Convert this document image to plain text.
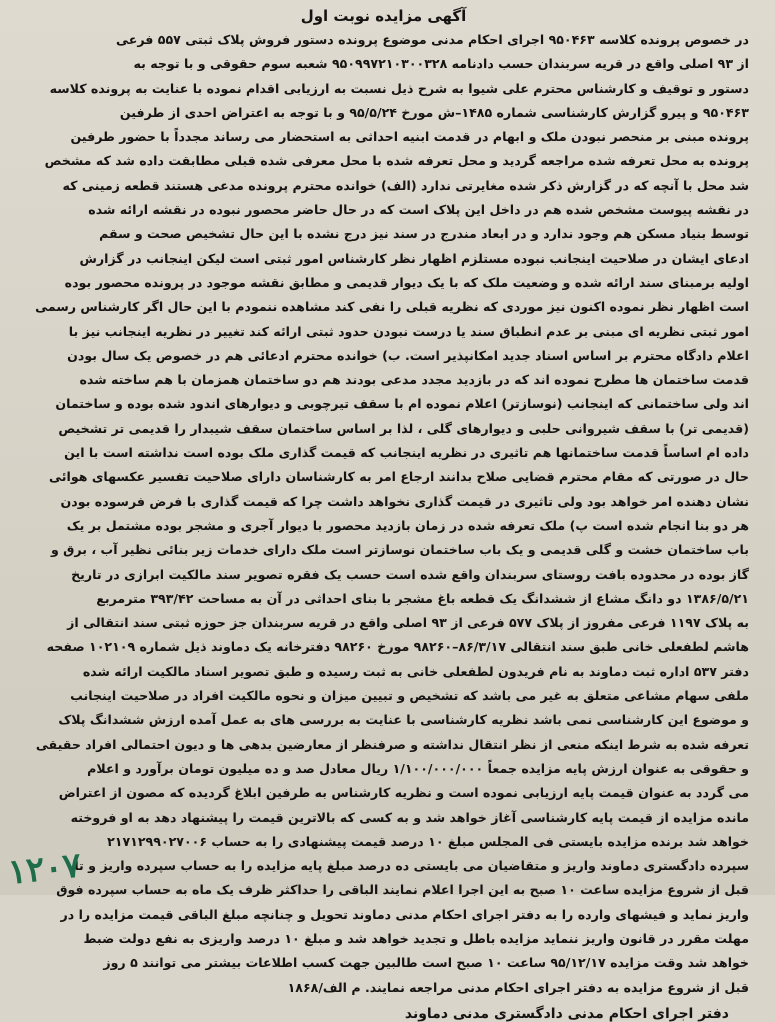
آگهی مزایده نوبت اول
در خصوص پرونده کلاسه ۹۵۰۴۶۳ اجرای احکام مدنی موضوع پرونده دستور فروش پلاک ثبتی ۵۵۷ فرعی
از ۹۳ اصلی واقع در قریه سربندان حسب دادنامه ۹۵۰۹۹۷۲۱۰۳۰۰۳۲۸ شعبه سوم حقوقی و با توجه به
دستور و توقیف و کارشناس محترم علی شیوا به شرح ذیل نسبت به ارزیابی اقدام نموده با عنایت به پرونده کلاسه
۹۵۰۴۶۳ و پیرو گزارش کارشناسی شماره ۱۴۸۵–ش مورخ ۹۵/۵/۲۴ و با توجه به اعتراض احدی از طرفین
پرونده مبنی بر منحصر نبودن ملک و ابهام در قدمت ابنیه احداثی به استحضار می رساند مجدداً با حضور طرفین
پرونده به محل تعرفه شده مراجعه گردید و محل تعرفه شده با محل معرفی شده قبلی مطابقت داده شد که مشخص
شد محل با آنچه که در گزارش ذکر شده مغایرتی ندارد (الف) خوانده محترم پرونده مدعی هستند قطعه زمینی که
در نقشه پیوست مشخص شده هم در داخل این پلاک است که در حال حاضر محصور نبوده در نقشه ارائه شده
توسط بنیاد مسکن هم وجود ندارد و در ابعاد مندرج در سند نیز درج نشده با این حال تشخیص صحت و سقم
ادعای ایشان در صلاحیت اینجانب نبوده مستلزم اظهار نظر کارشناس امور ثبتی است لیکن اینجانب در گزارش
اولیه برمبنای سند ارائه شده و وضعیت ملک که با یک دیوار قدیمی و مطابق نقشه موجود در پرونده محصور بوده
است اظهار نظر نموده اکنون نیز موردی که نظریه قبلی را نفی کند مشاهده ننمودم با این حال اگر کارشناس رسمی
امور ثبتی نظریه ای مبنی بر عدم انطباق سند یا درست نبودن حدود ثبتی ارائه کند تغییر در نظریه اینجانب نیز با
اعلام دادگاه محترم بر اساس اسناد جدید امکانپذیر است. ب) خوانده محترم ادعائی هم در خصوص یک سال بودن
قدمت ساختمان ها مطرح نموده اند که در بازدید مجدد مدعی بودند هم دو ساختمان همزمان با هم ساخته شده
اند ولی ساختمانی که اینجانب (نوسازتر) اعلام نموده ام با سقف تیرچوبی و دیوارهای اندود شده بوده و ساختمان
(قدیمی تر) با سقف شیروانی حلبی و دیوارهای گلی ، لذا بر اساس ساختمان سقف شیبدار را قدیمی تر تشخیص
داده ام اساساً قدمت ساختمانها هم تاثیری در نظریه اینجانب که قیمت گذاری ملک بوده است نداشته است با این
حال در صورتی که مقام محترم قضایی صلاح بدانند ارجاع امر به کارشناسان دارای صلاحیت تفسیر عکسهای هوائی
نشان دهنده امر خواهد بود ولی تاثیری در قیمت گذاری نخواهد داشت چرا که قیمت گذاری با فرض فرسوده بودن
هر دو بنا انجام شده است پ) ملک تعرفه شده در زمان بازدید محصور با دیوار آجری و مشجر بوده مشتمل بر یک
باب ساختمان خشت و گلی قدیمی و یک باب ساختمان نوسازتر است ملک دارای خدمات زیر بنائی نظیر آب ، برق و
گاز بوده در محدوده بافت روستای سربندان واقع شده است حسب یک فقره تصویر سند مالکیت ابرازی در تاریخ
۱۳۸۶/۵/۲۱ دو دانگ مشاع از ششدانگ یک قطعه باغ مشجر با بنای احداثی در آن به مساحت ۳۹۳/۴۲ مترمربع
به پلاک ۱۱۹۷ فرعی مفروز از پلاک ۵۷۷ فرعی از ۹۳ اصلی واقع در قریه سربندان جز حوزه ثبتی سند انتقالی از
هاشم لطفعلی خانی طبق سند انتقالی ۸۶/۳/۱۷–۹۸۲۶۰ مورخ ۹۸۲۶۰ دفترخانه یک دماوند ذیل شماره ۱۰۲۱۰۹ صفحه
دفتر ۵۳۷ اداره ثبت دماوند به نام فریدون لطفعلی خانی به ثبت رسیده و طبق تصویر اسناد مالکیت ارائه شده
ملفی سهام مشاعی متعلق به غیر می باشد که تشخیص و تبیین میزان و نحوه مالکیت افراد در صلاحیت اینجانب
و موضوع این کارشناسی نمی باشد نظریه کارشناسی با عنایت به بررسی های به عمل آمده ارزش ششدانگ پلاک
تعرفه شده به شرط اینکه منعی از نظر انتقال نداشته و صرفنظر از معارضین بدهی ها و دیون احتمالی افراد حقیقی
و حقوقی به عنوان ارزش پایه مزایده جمعاً ۱/۱۰۰/۰۰۰/۰۰۰ ریال معادل صد و ده میلیون تومان برآورد و اعلام
می گردد به عنوان قیمت پایه ارزیابی نموده است و نظریه کارشناس به طرفین ابلاغ گردیده که مصون از اعتراض
مانده مزایده از قیمت پایه کارشناسی آغاز خواهد شد و به کسی که بالاترین قیمت را پیشنهاد دهد به او فروخته
خواهد شد برنده مزایده بایستی فی المجلس مبلغ ۱۰ درصد قیمت پیشنهادی را به حساب ۲۱۷۱۲۹۹۰۲۷۰۰۶
سپرده دادگستری دماوند واریز و متقاضیان می بایستی ده درصد مبلغ پایه مزایده را به حساب سپرده واریز و تا
قبل از شروع مزایده ساعت ۱۰ صبح به این اجرا اعلام نمایند الباقی را حداکثر ظرف یک ماه به حساب سپرده فوق
واریز نماید و فیشهای وارده را به دفتر اجرای احکام مدنی دماوند تحویل و چنانچه مبلغ الباقی قیمت مزایده را در
مهلت مقرر در قانون واریز ننماید مزایده باطل و تجدید خواهد شد و مبلغ ۱۰ درصد واریزی به نفع دولت ضبط
خواهد شد وقت مزایده ۹۵/۱۲/۱۷ ساعت ۱۰ صبح است طالبین جهت کسب اطلاعات بیشتر می توانند ۵ روز
قبل از شروع مزایده به دفتر اجرای احکام مدنی مراجعه نمایند. م الف/۱۸۶۸
دفتر اجرای احکام مدنی دادگستری مدنی دماوند
۱۲۰۷
